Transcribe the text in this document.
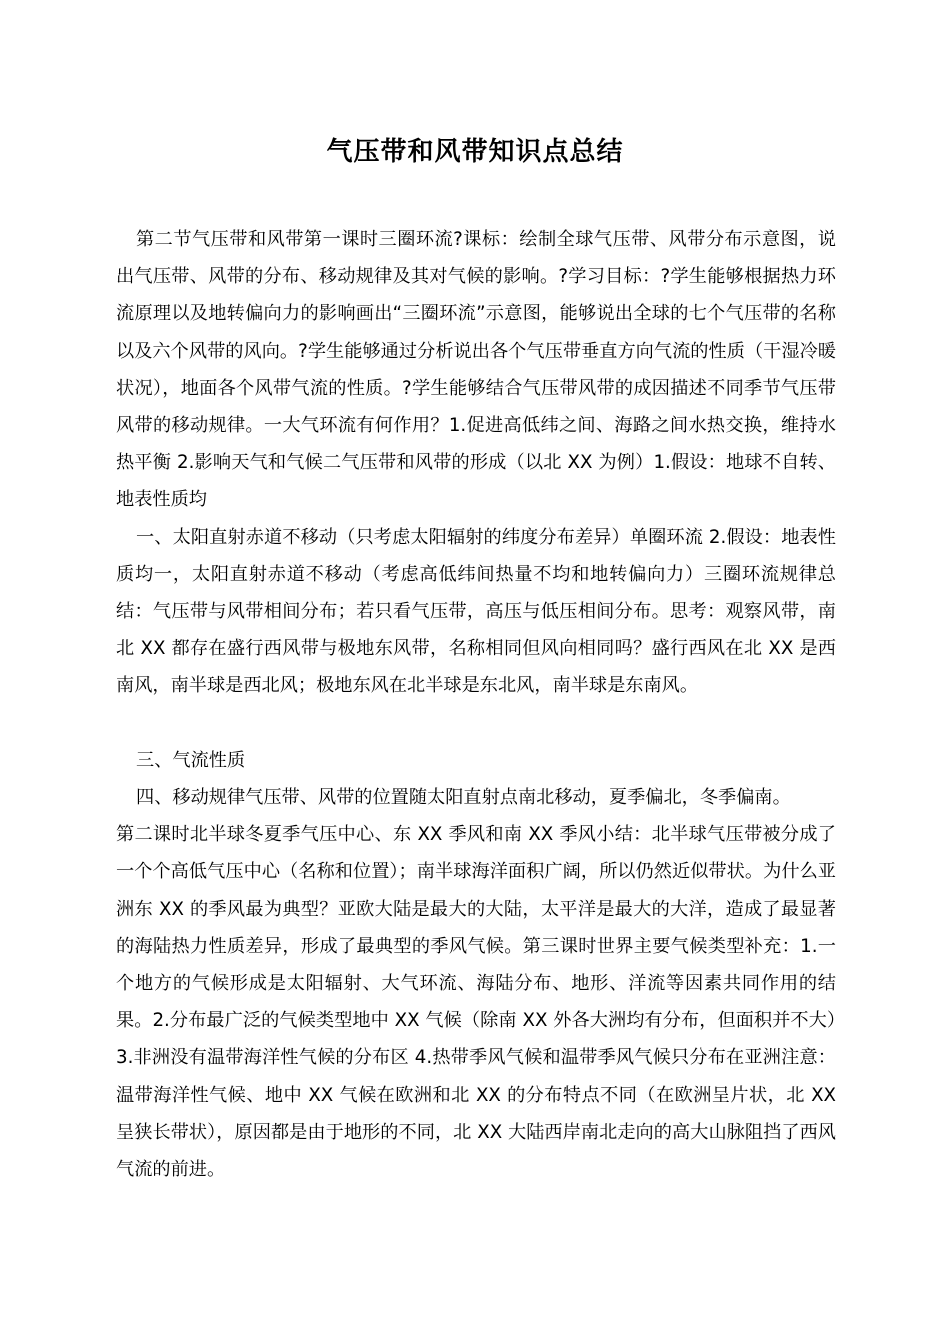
气压带和风带知识点总结

第二节气压带和风带第一课时三圈环流?课标：绘制全球气压带、风带分布示意图，说出气压带、风带的分布、移动规律及其对气候的影响。?学习目标：?学生能够根据热力环流原理以及地转偏向力的影响画出“三圈环流”示意图，能够说出全球的七个气压带的名称以及六个风带的风向。?学生能够通过分析说出各个气压带垂直方向气流的性质（干湿冷暖状况），地面各个风带气流的性质。?学生能够结合气压带风带的成因描述不同季节气压带风带的移动规律。一大气环流有何作用？1.促进高低纬之间、海路之间水热交换，维持水热平衡 2.影响天气和气候二气压带和风带的形成（以北 XX 为例）1.假设：地球不自转、地表性质均

一、太阳直射赤道不移动（只考虑太阳辐射的纬度分布差异）单圈环流 2.假设：地表性质均一，太阳直射赤道不移动（考虑高低纬间热量不均和地转偏向力）三圈环流规律总结：气压带与风带相间分布；若只看气压带，高压与低压相间分布。思考：观察风带，南北 XX 都存在盛行西风带与极地东风带，名称相同但风向相同吗？盛行西风在北 XX 是西南风，南半球是西北风；极地东风在北半球是东北风，南半球是东南风。

三、气流性质

四、移动规律气压带、风带的位置随太阳直射点南北移动，夏季偏北，冬季偏南。

第二课时北半球冬夏季气压中心、东 XX 季风和南 XX 季风小结：北半球气压带被分成了一个个高低气压中心（名称和位置）；南半球海洋面积广阔，所以仍然近似带状。为什么亚洲东 XX 的季风最为典型？亚欧大陆是最大的大陆，太平洋是最大的大洋，造成了最显著的海陆热力性质差异，形成了最典型的季风气候。第三课时世界主要气候类型补充：1.一个地方的气候形成是太阳辐射、大气环流、海陆分布、地形、洋流等因素共同作用的结果。2.分布最广泛的气候类型地中 XX 气候（除南 XX 外各大洲均有分布，但面积并不大）3.非洲没有温带海洋性气候的分布区 4.热带季风气候和温带季风气候只分布在亚洲注意：温带海洋性气候、地中 XX 气候在欧洲和北 XX 的分布特点不同（在欧洲呈片状，北 XX 呈狭长带状），原因都是由于地形的不同，北 XX 大陆西岸南北走向的高大山脉阻挡了西风气流的前进。
